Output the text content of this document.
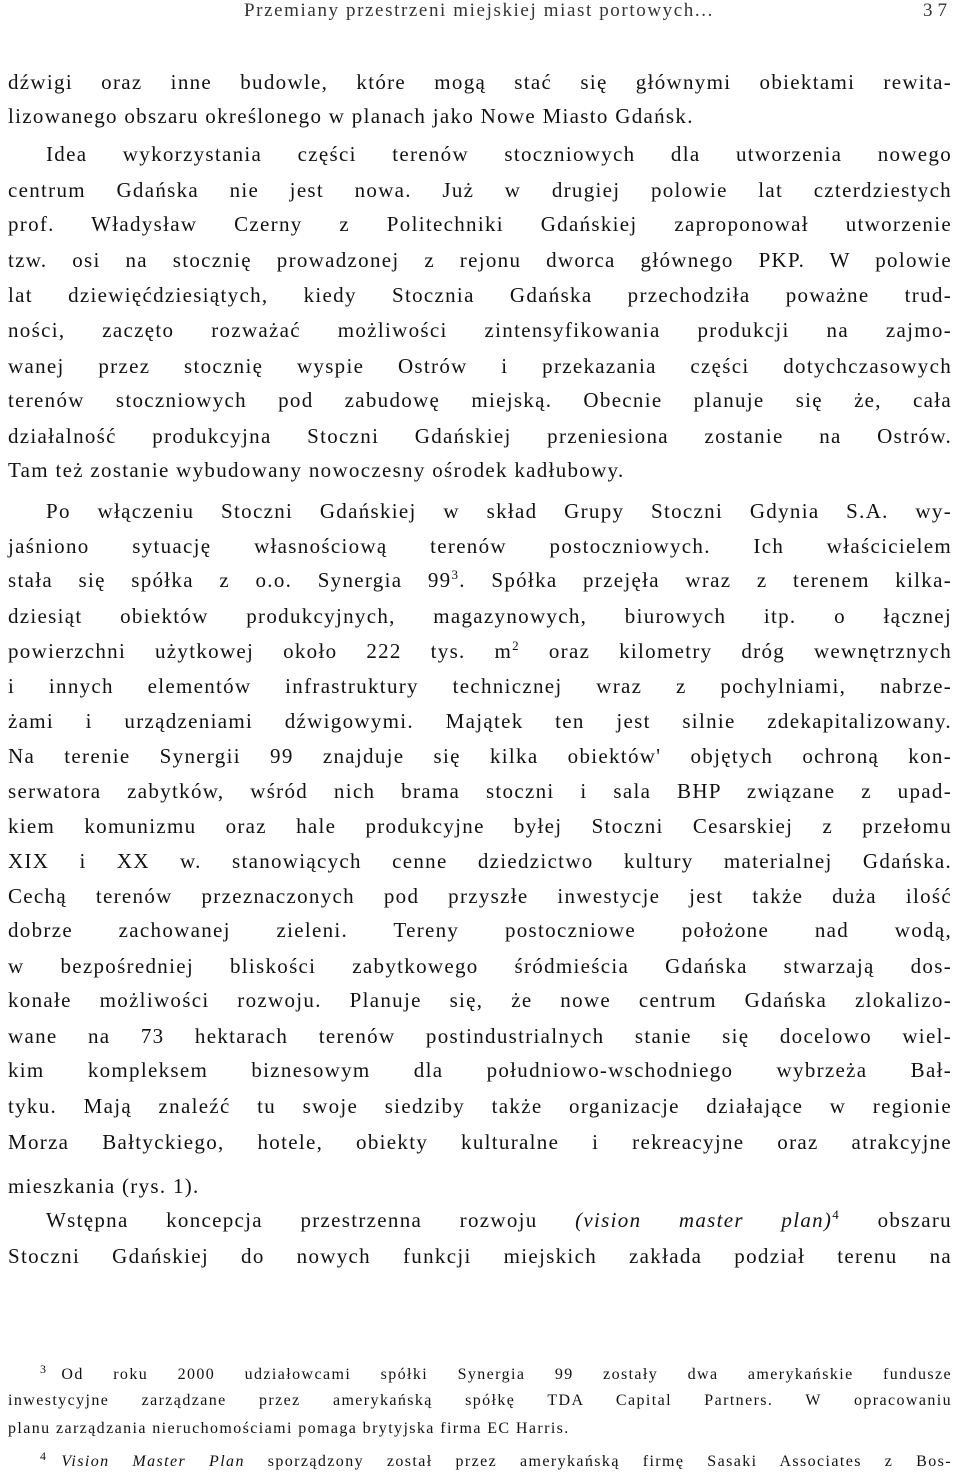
Przemiany przestrzeni miejskiej miast portowych...	37
dźwigi oraz inne budowle, które mogą stać się głównymi obiektami rewita-
lizowanego obszaru określonego w planach jako Nowe Miasto Gdańsk.
Idea wykorzystania części terenów stoczniowych dla utworzenia nowego
centrum Gdańska nie jest nowa. Już w drugiej polowie lat czterdziestych
prof. Władysław Czerny z Politechniki Gdańskiej zaproponował utworzenie
tzw. osi na stocznię prowadzonej z rejonu dworca głównego PKP. W polowie
lat dziewięćdziesiątych, kiedy Stocznia Gdańska przechodziła poważne trud-
ności, zaczęto rozważać możliwości zintensyfikowania produkcji na zajmo-
wanej przez stocznię wyspie Ostrów i przekazania części dotychczasowych
terenów stoczniowych pod zabudowę miejską. Obecnie planuje się że, cała
działalność produkcyjna Stoczni Gdańskiej przeniesiona zostanie na Ostrów.
Tam też zostanie wybudowany nowoczesny ośrodek kadłubowy.
Po włączeniu Stoczni Gdańskiej w skład Grupy Stoczni Gdynia S.A. wy-
jaśniono sytuację własnościową terenów postoczniowych. Ich właścicielem
stała się spółka z o.o. Synergia $99^3$. Spółka przejęła wraz z terenem kilka-
dziesiąt obiektów produkcyjnych, magazynowych, biurowych itp. o łącznej
powierzchni użytkowej około 222 tys. $m^2$ oraz kilometry dróg wewnętrznych
i innych elementów infrastruktury technicznej wraz z pochylniami, nabrze-
żami i urządzeniami dźwigowymi. Majątek ten jest silnie zdekapitalizowany.
Na terenie Synergii 99 znajduje się kilka obiektów' objętych ochroną kon-
serwatora zabytków, wśród nich brama stoczni i sala BHP związane z upad-
kiem komunizmu oraz hale produkcyjne byłej Stoczni Cesarskiej z przełomu
XIX i XX w. stanowiących cenne dziedzictwo kultury materialnej Gdańska.
Cechą terenów przeznaczonych pod przyszłe inwestycje jest także duża ilość
dobrze zachowanej zieleni. Tereny postoczniowe położone nad wodą,
w bezpośredniej bliskości zabytkowego śródmieścia Gdańska stwarzają dos-
konałe możliwości rozwoju. Planuje się, że nowe centrum Gdańska zlokalizo-
wane na 73 hektarach terenów postindustrialnych stanie się docelowo wiel-
kim kompleksem biznesowym dla południowo-wschodniego wybrzeża Bał-
tyku. Mają znaleźć tu swoje siedziby także organizacje działające w regionie
Morza Bałtyckiego, hotele, obiekty kulturalne i rekreacyjne oraz atrakcyjne
mieszkania (rys. 1).
Wstępna koncepcja przestrzenna rozwoju (vision master plan)$^4$ obszaru
Stoczni Gdańskiej do nowych funkcji miejskich zakłada podział terenu na
$^3$ Od roku 2000 udziałowcami spółki Synergia 99 zostały dwa amerykańskie fundusze
inwestycyjne zarządzane przez amerykańską spółkę TDA Capital Partners. W opracowaniu
planu zarządzania nieruchomościami pomaga brytyjska firma EC Harris.
$^4$ Vision Master Plan sporządzony został przez amerykańską firmę Sasaki Associates z Bos-
